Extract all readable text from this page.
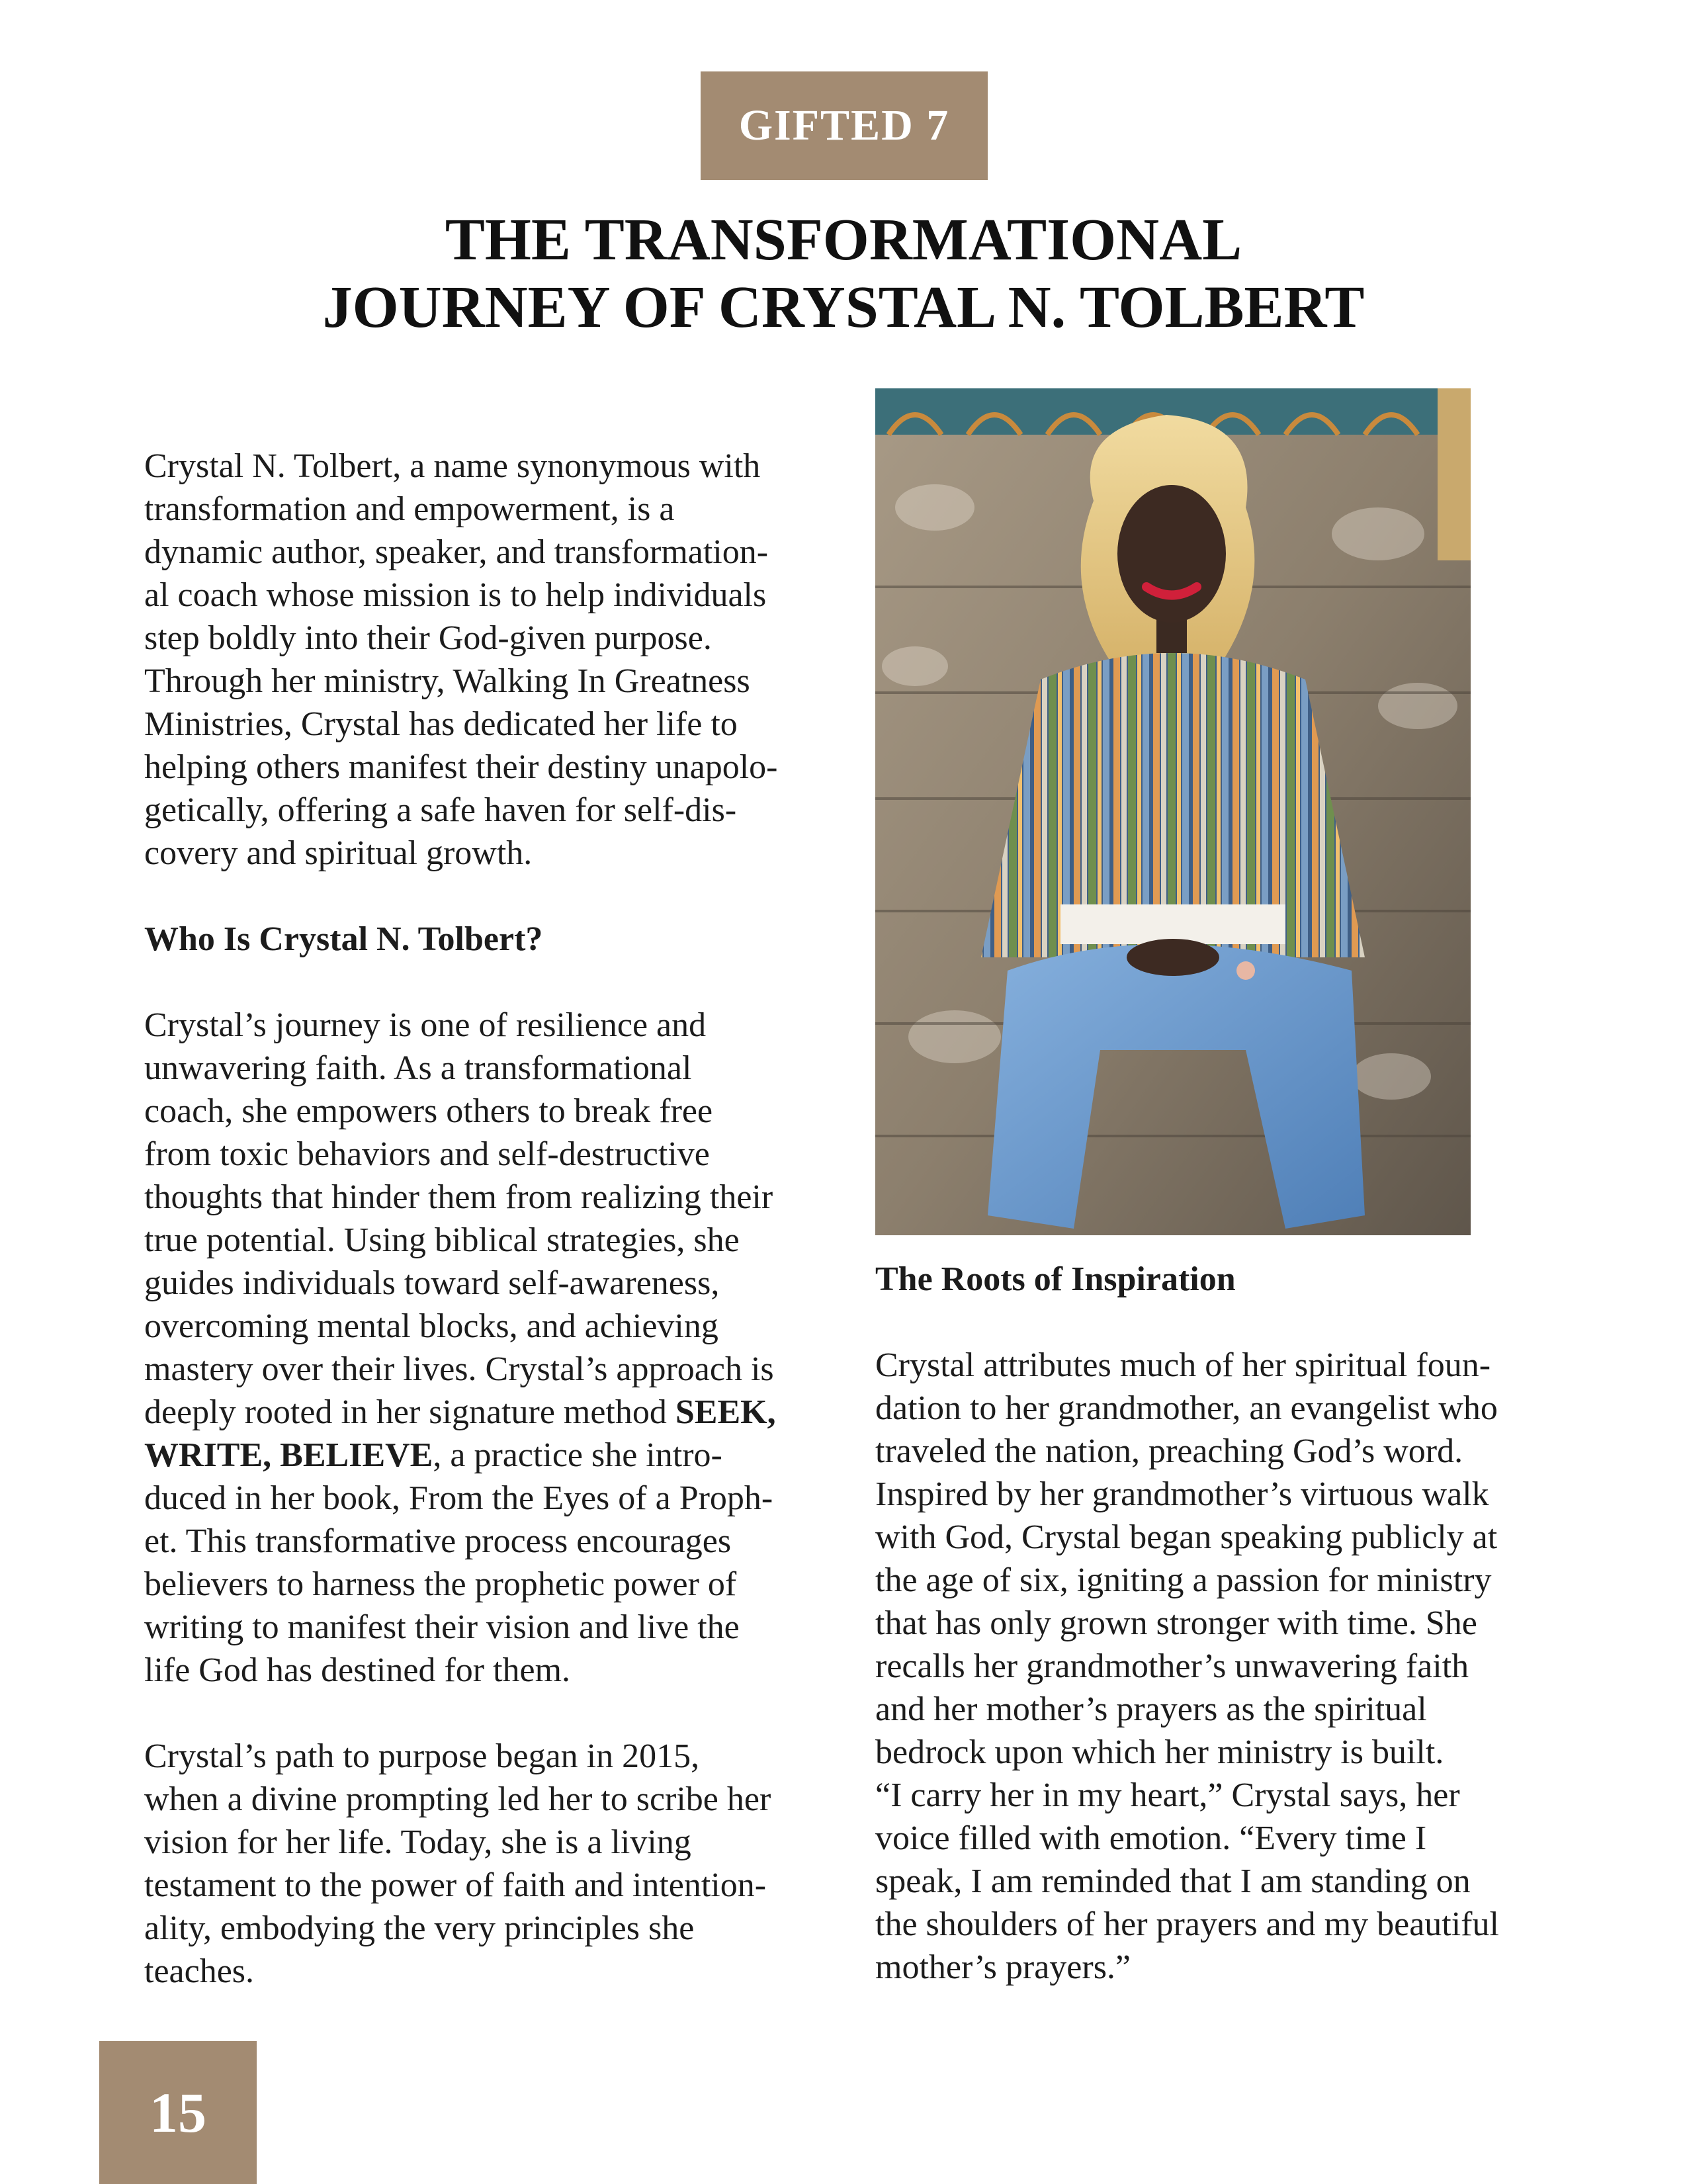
GIFTED 7
THE TRANSFORMATIONAL
JOURNEY OF CRYSTAL N. TOLBERT

Crystal N. Tolbert, a name synonymous with

transformation and empowerment, is a

dynamic author, speaker, and transformation-

al coach whose mission is to help individuals

step boldly into their God-given purpose.

Through her ministry, Walking In Greatness

Ministries, Crystal has dedicated her life to

helping others manifest their destiny unapolo-

getically, offering a safe haven for self-dis-

covery and spiritual growth.

Who Is Crystal N. Tolbert?

Crystal’s journey is one of resilience and

unwavering faith. As a transformational

coach, she empowers others to break free

from toxic behaviors and self-destructive

thoughts that hinder them from realizing their

true potential. Using biblical strategies, she

guides individuals toward self-awareness,

overcoming mental blocks, and achieving

mastery over their lives. Crystal’s approach is

deeply rooted in her signature method SEEK,

WRITE, BELIEVE, a practice she intro-

duced in her book, From the Eyes of a Proph-

et. This transformative process encourages

believers to harness the prophetic power of

writing to manifest their vision and live the

life God has destined for them.

Crystal’s path to purpose began in 2015,

when a divine prompting led her to scribe her

vision for her life. Today, she is a living

testament to the power of faith and intention-

ality, embodying the very principles she

teaches.

The Roots of Inspiration

Crystal attributes much of her spiritual foun-

dation to her grandmother, an evangelist who

traveled the nation, preaching God’s word.

Inspired by her grandmother’s virtuous walk

with God, Crystal began speaking publicly at

the age of six, igniting a passion for ministry

that has only grown stronger with time. She

recalls her grandmother’s unwavering faith

and her mother’s prayers as the spiritual

bedrock upon which her ministry is built.

“I carry her in my heart,” Crystal says, her

voice filled with emotion. “Every time I

speak, I am reminded that I am standing on

the shoulders of her prayers and my beautiful

mother’s prayers.”

15
